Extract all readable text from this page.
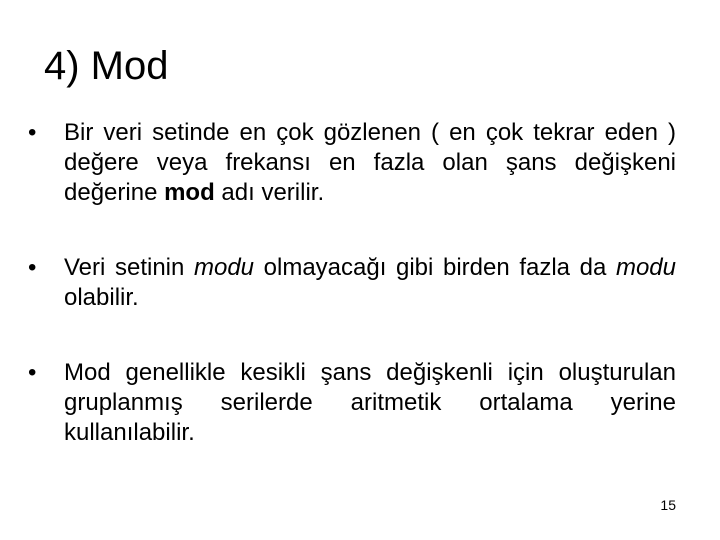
4) Mod
•	Bir veri setinde en çok gözlenen ( en çok tekrar eden ) değere veya frekansı en fazla olan şans değişkeni değerine mod adı verilir.
•	Veri setinin modu olmayacağı gibi birden fazla da modu olabilir.
•	Mod genellikle kesikli şans değişkenli için oluşturulan gruplanmış serilerde aritmetik ortalama yerine kullanılabilir.
15
